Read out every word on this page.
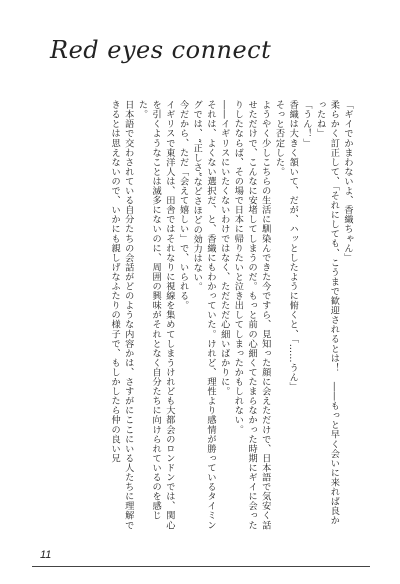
Red eyes connect

「ギイでかまわないよ、香織ちゃん」

柔らかく訂正して、「それにしても、こうまで歓迎されるとは！　――もっと早く会いに来れば良かったね」

「うん！」

香織は大きく頷いて、だが、ハッとしたように俯くと、「……うん」

そっと否定した。

ようやく少しこちらの生活に馴染んできた今ですら、見知った顔に会えただけで、日本語で気安く話せただけで、こんなに安堵してしまうのだ。もっと前の心細くてたまらなかった時期にギイに会ったりしたならば、その場で日本に帰りたいと泣き出してしまったかもしれない。

――イギリスにいたくないわけではなく、ただただ心細いばかりに。

それは、よくない選択だ、と、香織にもわかっていた。けれど、理性より感情が勝っているタイミングでは、“正しさ”などさほどの効力はない。

今だから、ただ「会えて嬉しい」で、いられる。

イギリスで東洋人は、田舎ではそれなりに視線を集めてしまうけれども大都会のロンドンでは、関心を引くようなことは滅多にないのに、周囲の興味がそれとなく自分たちに向けられているのを感じた。

日本語で交わされている自分たちの会話がどのような内容かは、さすがにここにいる人たちに理解できるとは思えないので、いかにも親しげなふたりの様子で、もしかしたら仲の良い兄

11
